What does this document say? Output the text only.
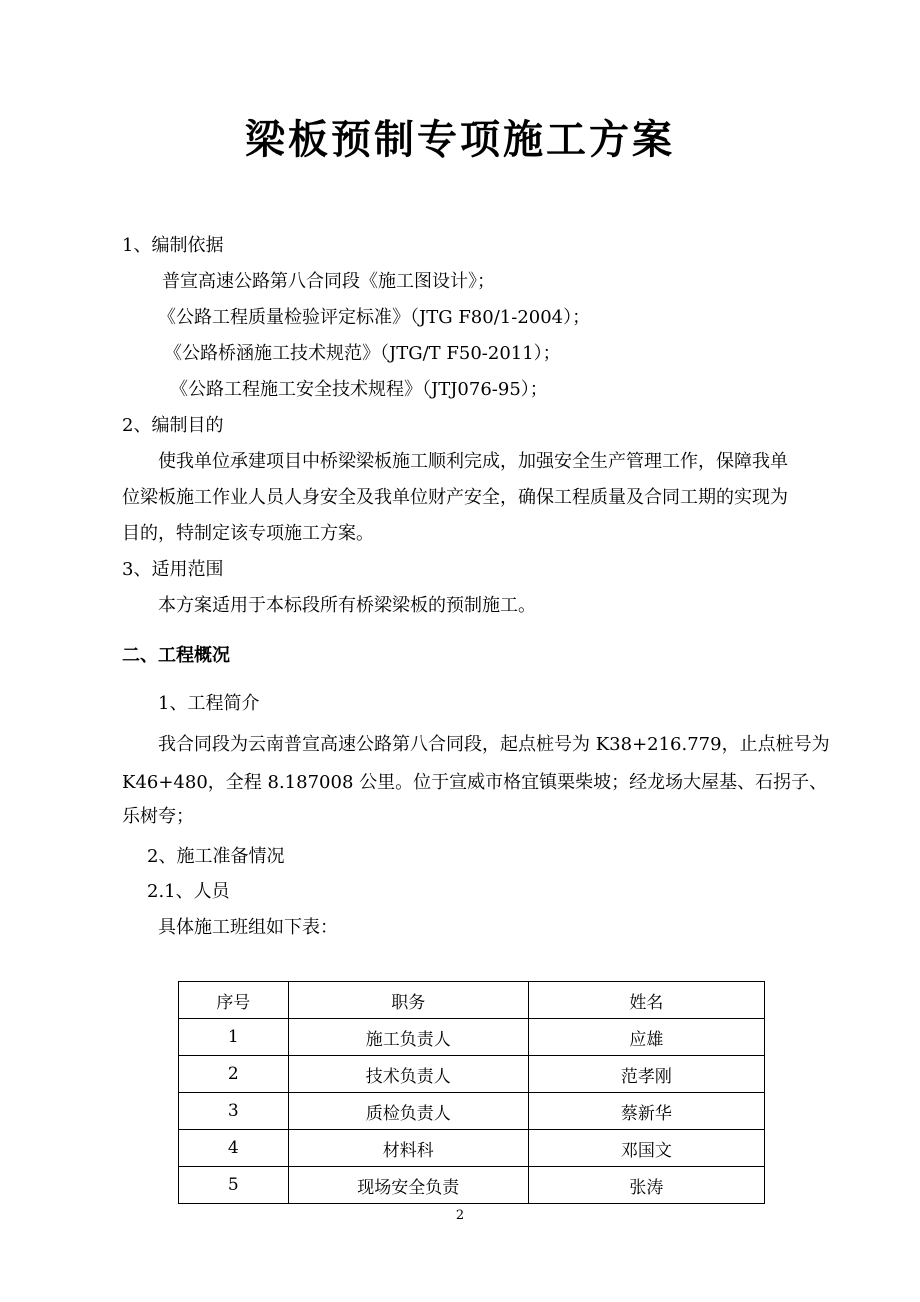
梁板预制专项施工方案
1、编制依据
普宣高速公路第八合同段《施工图设计》；
《公路工程质量检验评定标准》（JTG F80/1-2004）；
《公路桥涵施工技术规范》（JTG/T F50-2011）；
《公路工程施工安全技术规程》（JTJ076-95）；
2、编制目的
使我单位承建项目中桥梁梁板施工顺利完成，加强安全生产管理工作，保障我单
位梁板施工作业人员人身安全及我单位财产安全，确保工程质量及合同工期的实现为
目的，特制定该专项施工方案。
3、适用范围
本方案适用于本标段所有桥梁梁板的预制施工。
二、工程概况
1、工程简介
我合同段为云南普宣高速公路第八合同段，起点桩号为 K38+216.779，止点桩号为
K46+480，全程 8.187008 公里。位于宣威市格宜镇栗柴坡；经龙场大屋基、石拐子、
乐树夸；
2、施工准备情况
2.1、人员
具体施工班组如下表：
序号	职务	姓名
1	施工负责人	应雄
2	技术负责人	范孝刚
3	质检负责人	蔡新华
4	材料科	邓国文
5	现场安全负责	张涛
2
